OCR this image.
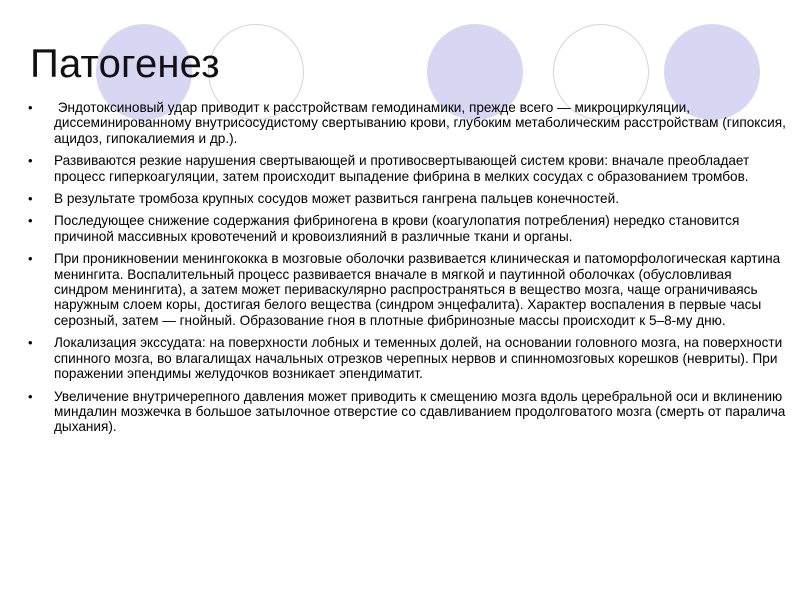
Патогенез
• Эндотоксиновый удар приводит к расстройствам гемодинамики, прежде всего — микроциркуляции, диссеминированному внутрисосудистому свертыванию крови, глубоким метаболическим расстройствам (гипоксия, ацидоз, гипокалиемия и др.).
• Развиваются резкие нарушения свертывающей и противосвертывающей систем крови: вначале преобладает процесс гиперкоагуляции, затем происходит выпадение фибрина в мелких сосудах с образованием тромбов.
• В результате тромбоза крупных сосудов может развиться гангрена пальцев конечностей.
• Последующее снижение содержания фибриногена в крови (коагулопатия потребления) нередко становится причиной массивных кровотечений и кровоизлияний в различные ткани и органы.
• При проникновении менингококка в мозговые оболочки развивается клиническая и патоморфологическая картина менингита. Воспалительный процесс развивается вначале в мягкой и паутинной оболочках (обусловливая синдром менингита), а затем может периваскулярно распространяться в вещество мозга, чаще ограничиваясь наружным слоем коры, достигая белого вещества (синдром энцефалита). Характер воспаления в первые часы серозный, затем — гнойный. Образование гноя в плотные фибринозные массы происходит к 5–8-му дню.
• Локализация экссудата: на поверхности лобных и теменных долей, на основании головного мозга, на поверхности спинного мозга, во влагалищах начальных отрезков черепных нервов и спинномозговых корешков (невриты). При поражении эпендимы желудочков возникает эпендиматит.
• Увеличение внутричерепного давления может приводить к смещению мозга вдоль церебральной оси и вклинению миндалин мозжечка в большое затылочное отверстие со сдавливанием продолговатого мозга (смерть от паралича дыхания).
